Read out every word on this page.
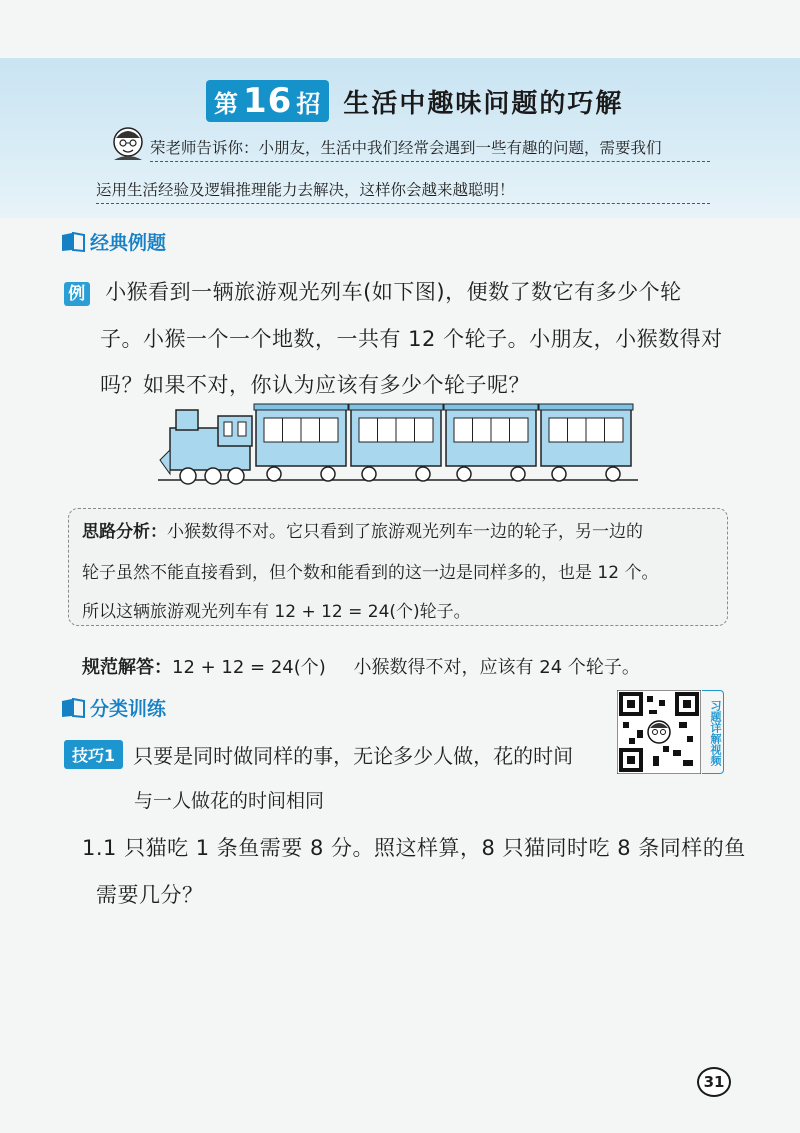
第 16 招 生活中趣味问题的巧解
荣老师告诉你：小朋友，生活中我们经常会遇到一些有趣的问题，需要我们
运用生活经验及逻辑推理能力去解决，这样你会越来越聪明！
经典例题
例 小猴看到一辆旅游观光列车(如下图)，便数了数它有多少个轮
子。小猴一个一个地数，一共有 12 个轮子。小朋友，小猴数得对
吗？如果不对，你认为应该有多少个轮子呢？
思路分析：小猴数得不对。它只看到了旅游观光列车一边的轮子，另一边的
轮子虽然不能直接看到，但个数和能看到的这一边是同样多的，也是 12 个。
所以这辆旅游观光列车有 12 + 12 = 24(个)轮子。
规范解答：12 + 12 = 24(个) 小猴数得不对，应该有 24 个轮子。
分类训练	习题详解视频
技巧1 只要是同时做同样的事，无论多少人做，花的时间
与一人做花的时间相同
1.1 只猫吃 1 条鱼需要 8 分。照这样算，8 只猫同时吃 8 条同样的鱼
需要几分？
31
